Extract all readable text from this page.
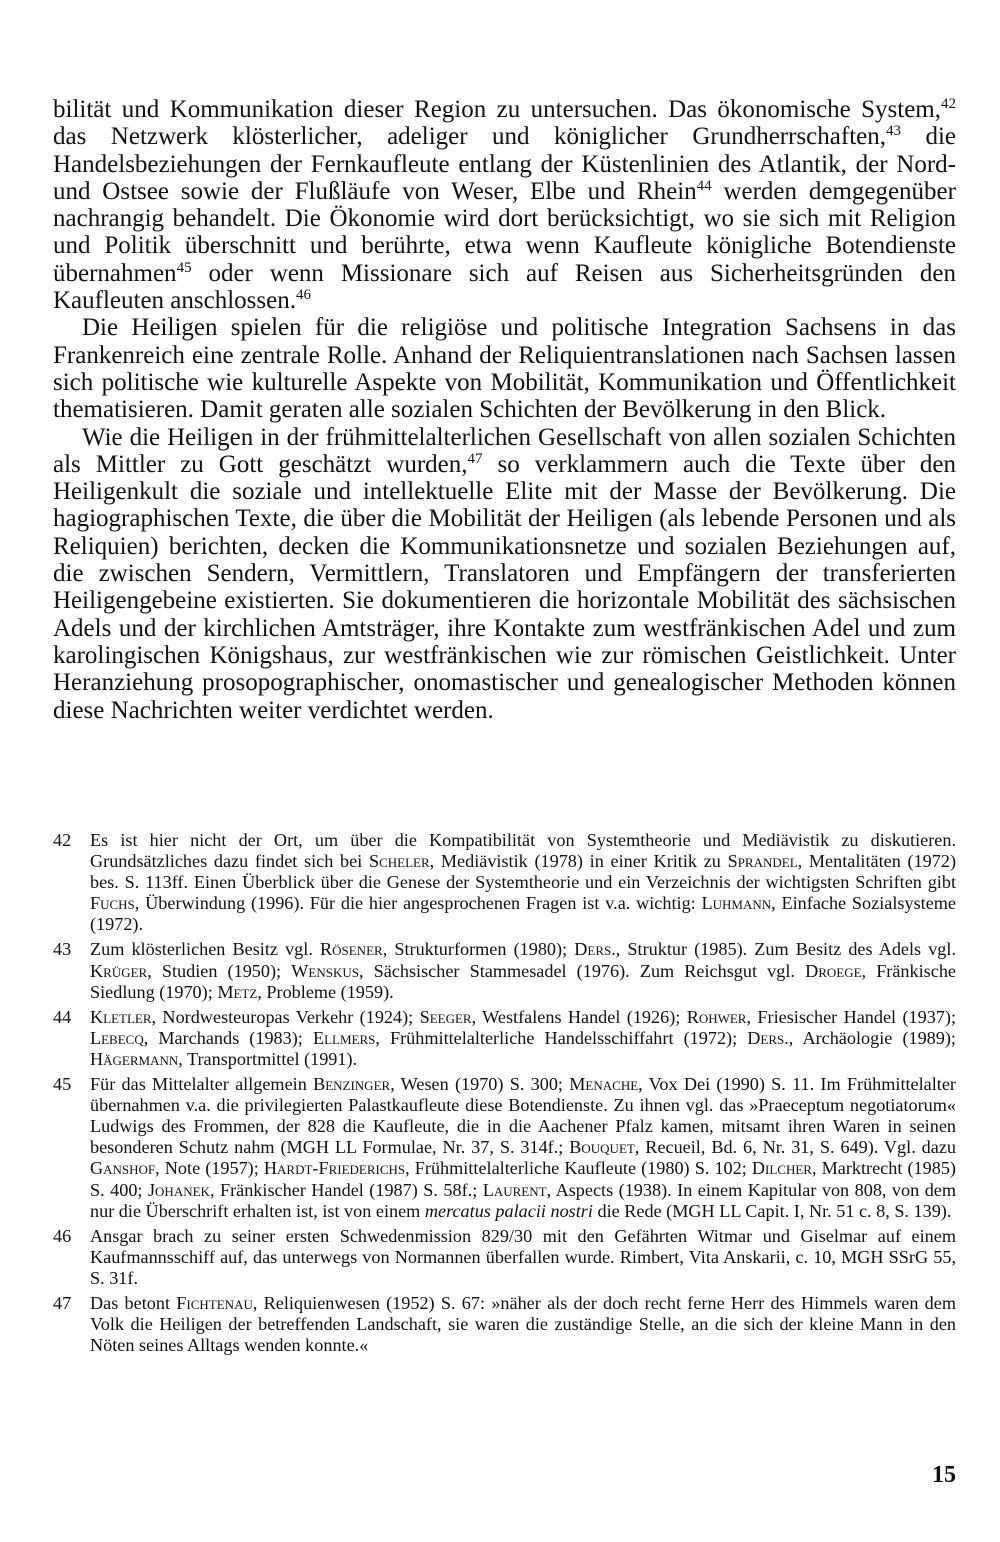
bilität und Kommunikation dieser Region zu untersuchen. Das ökonomische System,$^{42}$ das Netzwerk klösterlicher, adeliger und königlicher Grundherrschaften,$^{43}$ die Handelsbeziehungen der Fernkaufleute entlang der Küstenlinien des Atlantik, der Nord- und Ostsee sowie der Flußläufe von Weser, Elbe und Rhein$^{44}$ werden demgegenüber nachrangig behandelt. Die Ökonomie wird dort berücksichtigt, wo sie sich mit Religion und Politik überschnitt und berührte, etwa wenn Kaufleute königliche Botendienste übernahmen$^{45}$ oder wenn Missionare sich auf Reisen aus Sicherheitsgründen den Kaufleuten anschlossen.$^{46}$

Die Heiligen spielen für die religiöse und politische Integration Sachsens in das Frankenreich eine zentrale Rolle. Anhand der Reliquientranslationen nach Sachsen lassen sich politische wie kulturelle Aspekte von Mobilität, Kommunikation und Öffentlichkeit thematisieren. Damit geraten alle sozialen Schichten der Bevölkerung in den Blick.

Wie die Heiligen in der frühmittelalterlichen Gesellschaft von allen sozialen Schichten als Mittler zu Gott geschätzt wurden,$^{47}$ so verklammern auch die Texte über den Heiligenkult die soziale und intellektuelle Elite mit der Masse der Bevölkerung. Die hagiographischen Texte, die über die Mobilität der Heiligen (als lebende Personen und als Reliquien) berichten, decken die Kommunikationsnetze und sozialen Beziehungen auf, die zwischen Sendern, Vermittlern, Translatoren und Empfängern der transferierten Heiligengebeine existierten. Sie dokumentieren die horizontale Mobilität des sächsischen Adels und der kirchlichen Amtsträger, ihre Kontakte zum westfränkischen Adel und zum karolingischen Königshaus, zur westfränkischen wie zur römischen Geistlichkeit. Unter Heranziehung prosopographischer, onomastischer und genealogischer Methoden können diese Nachrichten weiter verdichtet werden.

42	Es ist hier nicht der Ort, um über die Kompatibilität von Systemtheorie und Mediävistik zu diskutieren. Grundsätzliches dazu findet sich bei Scheler, Mediävistik (1978) in einer Kritik zu Sprandel, Mentalitäten (1972) bes. S. 113ff. Einen Überblick über die Genese der Systemtheorie und ein Verzeichnis der wichtigsten Schriften gibt Fuchs, Überwindung (1996). Für die hier angesprochenen Fragen ist v.a. wichtig: Luhmann, Einfache Sozialsysteme (1972).
43	Zum klösterlichen Besitz vgl. Rösener, Strukturformen (1980); Ders., Struktur (1985). Zum Besitz des Adels vgl. Krüger, Studien (1950); Wenskus, Sächsischer Stammesadel (1976). Zum Reichsgut vgl. Droege, Fränkische Siedlung (1970); Metz, Probleme (1959).
44	Kletler, Nordwesteuropas Verkehr (1924); Seeger, Westfalens Handel (1926); Rohwer, Friesischer Handel (1937); Lebecq, Marchands (1983); Ellmers, Frühmittelalterliche Handelsschiffahrt (1972); Ders., Archäologie (1989); Hägermann, Transportmittel (1991).
45	Für das Mittelalter allgemein Benzinger, Wesen (1970) S. 300; Menache, Vox Dei (1990) S. 11. Im Frühmittelalter übernahmen v.a. die privilegierten Palastkaufleute diese Botendienste. Zu ihnen vgl. das »Praeceptum negotiatorum« Ludwigs des Frommen, der 828 die Kaufleute, die in die Aachener Pfalz kamen, mitsamt ihren Waren in seinen besonderen Schutz nahm (MGH LL Formulae, Nr. 37, S. 314f.; Bouquet, Recueil, Bd. 6, Nr. 31, S. 649). Vgl. dazu Ganshof, Note (1957); Hardt-Friederichs, Frühmittelalterliche Kaufleute (1980) S. 102; Dilcher, Marktrecht (1985) S. 400; Johanek, Fränkischer Handel (1987) S. 58f.; Laurent, Aspects (1938). In einem Kapitular von 808, von dem nur die Überschrift erhalten ist, ist von einem mercatus palacii nostri die Rede (MGH LL Capit. I, Nr. 51 c. 8, S. 139).
46	Ansgar brach zu seiner ersten Schwedenmission 829/30 mit den Gefährten Witmar und Giselmar auf einem Kaufmannsschiff auf, das unterwegs von Normannen überfallen wurde. Rimbert, Vita Anskarii, c. 10, MGH SSrG 55, S. 31f.
47	Das betont Fichtenau, Reliquienwesen (1952) S. 67: »näher als der doch recht ferne Herr des Himmels waren dem Volk die Heiligen der betreffenden Landschaft, sie waren die zuständige Stelle, an die sich der kleine Mann in den Nöten seines Alltags wenden konnte.«
15
